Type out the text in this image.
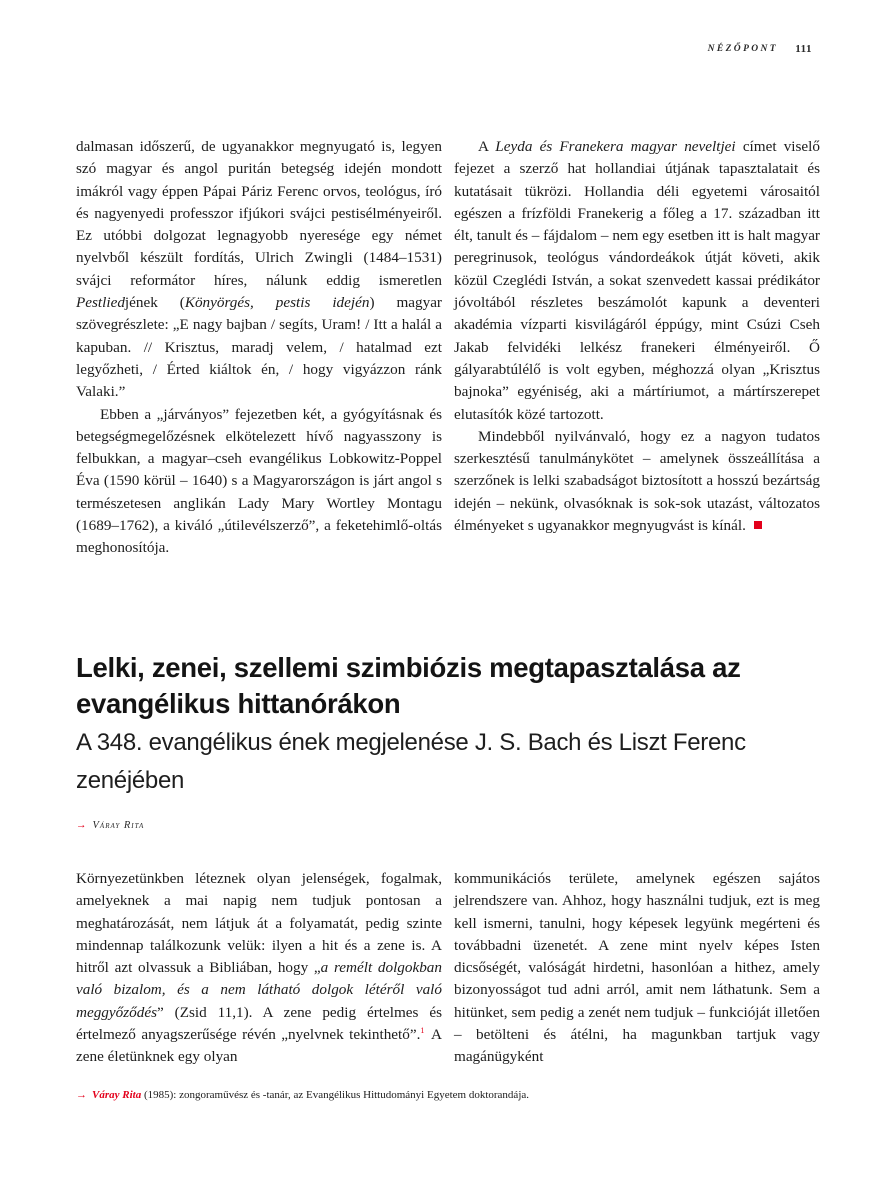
NÉZŐPONT 111

dalmasan időszerű, de ugyanakkor megnyugató is, legyen szó magyar és angol puritán betegség idején mondott imákról vagy éppen Pápai Páriz Ferenc orvos, teológus, író és nagyenyedi professzor ifjúkori svájci pestisélményeiről. Ez utóbbi dolgozat legnagyobb nyeresége egy német nyelvből készült fordítás, Ulrich Zwingli (1484–1531) svájci reformátor híres, nálunk eddig ismeretlen Pestliedjének (Könyörgés, pestis idején) magyar szövegrészlete: „E nagy bajban / segíts, Uram! / Itt a halál a kapuban. // Krisztus, maradj velem, / hatalmad ezt legyőzheti, / Érted kiáltok én, / hogy vigyázzon ránk Valaki.”

Ebben a „járványos” fejezetben két, a gyógyításnak és betegségmegelőzésnek elkötelezett hívő nagyasszony is felbukkan, a magyar–cseh evangélikus Lobkowitz-Poppel Éva (1590 körül – 1640) s a Magyarországon is járt angol s természetesen anglikán Lady Mary Wortley Montagu (1689–1762), a kiváló „útilevélszerző”, a feketehimlő-oltás meghonosítója.

A Leyda és Franekera magyar neveltjei címet viselő fejezet a szerző hat hollandiai útjának tapasztalatait és kutatásait tükrözi. Hollandia déli egyetemi városaitól egészen a frízföldi Franekerig a főleg a 17. században itt élt, tanult és – fájdalom – nem egy esetben itt is halt magyar peregrinusok, teológus vándordeákok útját követi, akik közül Czeglédi István, a sokat szenvedett kassai prédikátor jóvoltából részletes beszámolót kapunk a deventeri akadémia vízparti kisvilágáról éppúgy, mint Csúzi Cseh Jakab felvidéki lelkész franekeri élményeiről. Ő gályarabtúlélő is volt egyben, méghozzá olyan „Krisztus bajnoka” egyéniség, aki a mártíriumot, a mártírszerepet elutasítók közé tartozott.

Mindebből nyilvánvaló, hogy ez a nagyon tudatos szerkesztésű tanulmánykötet – amelynek összeállítása a szerzőnek is lelki szabadságot biztosított a hosszú bezártság idején – nekünk, olvasóknak is sok-sok utazást, változatos élményeket s ugyanakkor megnyugvást is kínál.

Lelki, zenei, szellemi szimbiózis megtapasztalása az evangélikus hittanórákon
A 348. evangélikus ének megjelenése J. S. Bach és Liszt Ferenc zenéjében
→ Váray Rita

Környezetünkben léteznek olyan jelenségek, fogalmak, amelyeknek a mai napig nem tudjuk pontosan a meghatározását, nem látjuk át a folyamatát, pedig szinte mindennap találkozunk velük: ilyen a hit és a zene is. A hitről azt olvassuk a Bibliában, hogy „a remélt dolgokban való bizalom, és a nem látható dolgok létéről való meggyőződés” (Zsid 11,1). A zene pedig értelmes és értelmező anyagszerűsége révén „nyelvnek tekinthető”.$^1$ A zene életünknek egy olyan

kommunikációs területe, amelynek egészen sajátos jelrendszere van. Ahhoz, hogy használni tudjuk, ezt is meg kell ismerni, tanulni, hogy képesek legyünk megérteni és továbbadni üzenetét. A zene mint nyelv képes Isten dicsőségét, valóságát hirdetni, hasonlóan a hithez, amely bizonyosságot tud adni arról, amit nem láthatunk. Sem a hitünket, sem pedig a zenét nem tudjuk – funkcióját illetően – betölteni és átélni, ha magunkban tartjuk vagy magánügyként

→ Váray Rita (1985): zongoraművész és -tanár, az Evangélikus Hittudományi Egyetem doktorandája.
